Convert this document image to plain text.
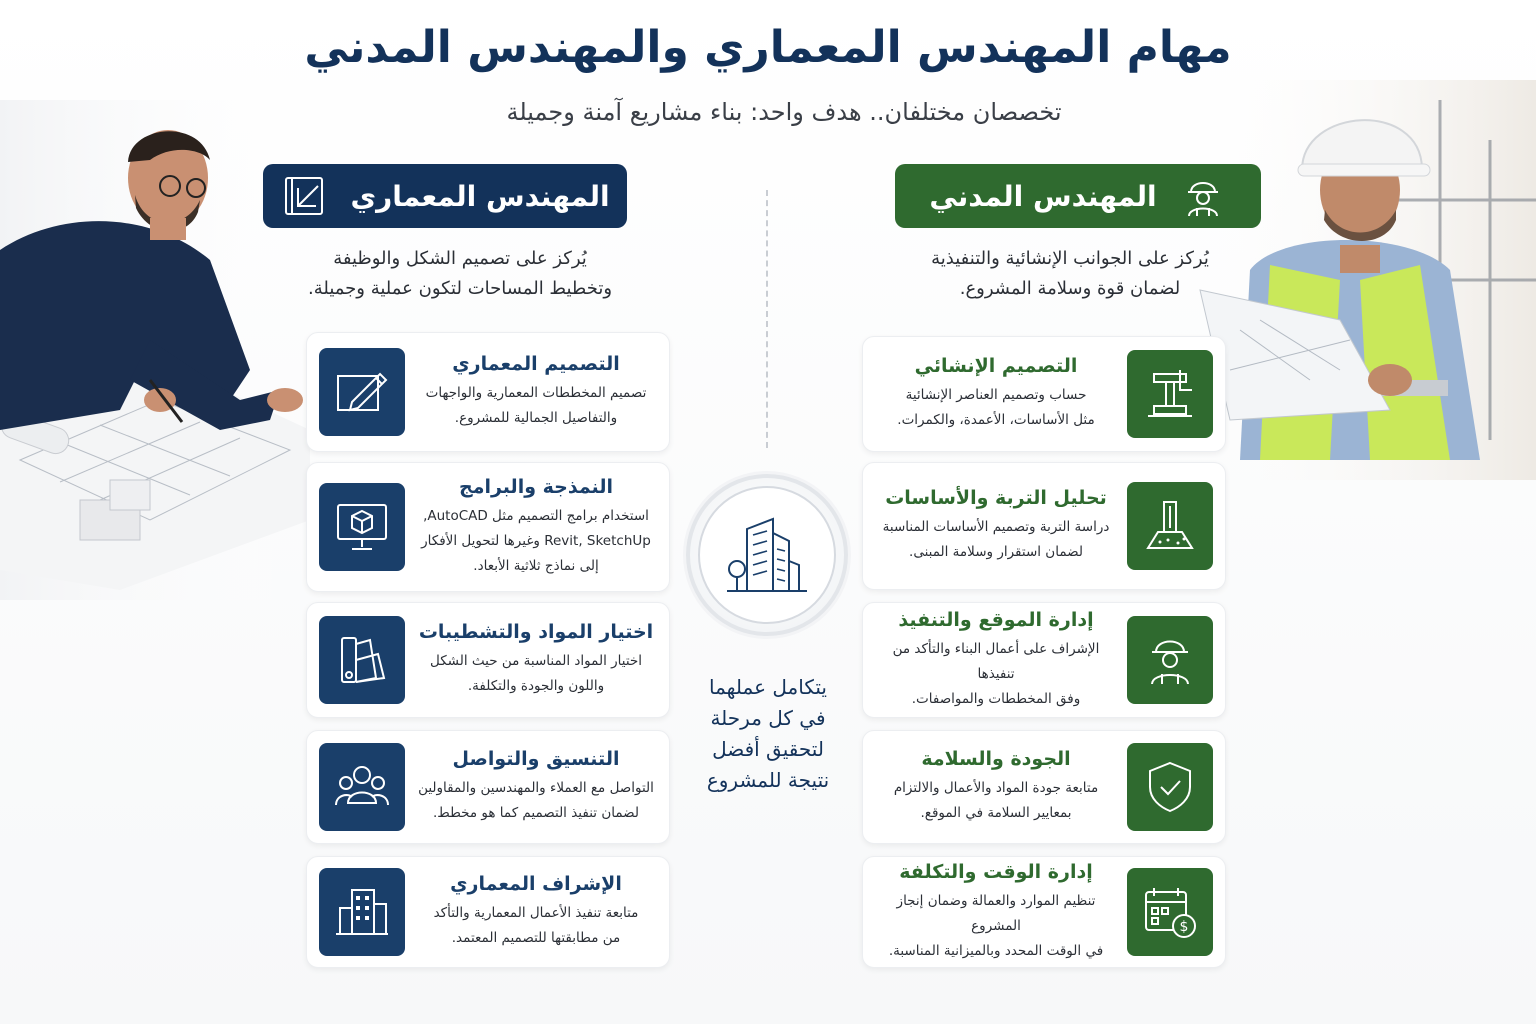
مهام المهندس المعماري والمهندس المدني
تخصصان مختلفان.. هدف واحد: بناء مشاريع آمنة وجميلة
المهندس المعماري	المهندس المدني
يُركز على تصميم الشكل والوظيفة
وتخطيط المساحات لتكون عملية وجميلة.
يُركز على الجوانب الإنشائية والتنفيذية
لضمان قوة وسلامة المشروع.
التصميم المعماري
تصميم المخططات المعمارية والواجهات
والتفاصيل الجمالية للمشروع.
النمذجة والبرامج
استخدام برامج التصميم مثل AutoCAD,
Revit, SketchUp وغيرها لتحويل الأفكار
إلى نماذج ثلاثية الأبعاد.
اختيار المواد والتشطيبات
اختيار المواد المناسبة من حيث الشكل
واللون والجودة والتكلفة.
التنسيق والتواصل
التواصل مع العملاء والمهندسين والمقاولين
لضمان تنفيذ التصميم كما هو مخطط.
الإشراف المعماري
متابعة تنفيذ الأعمال المعمارية والتأكد
من مطابقتها للتصميم المعتمد.
التصميم الإنشائي
حساب وتصميم العناصر الإنشائية
مثل الأساسات، الأعمدة، والكمرات.
تحليل التربة والأساسات
دراسة التربة وتصميم الأساسات المناسبة
لضمان استقرار وسلامة المبنى.
إدارة الموقع والتنفيذ
الإشراف على أعمال البناء والتأكد من تنفيذها
وفق المخططات والمواصفات.
الجودة والسلامة
متابعة جودة المواد والأعمال والالتزام
بمعايير السلامة في الموقع.
$
إدارة الوقت والتكلفة
تنظيم الموارد والعمالة وضمان إنجاز المشروع
في الوقت المحدد وبالميزانية المناسبة.
يتكامل عملهما
في كل مرحلة
لتحقيق أفضل
نتيجة للمشروع
